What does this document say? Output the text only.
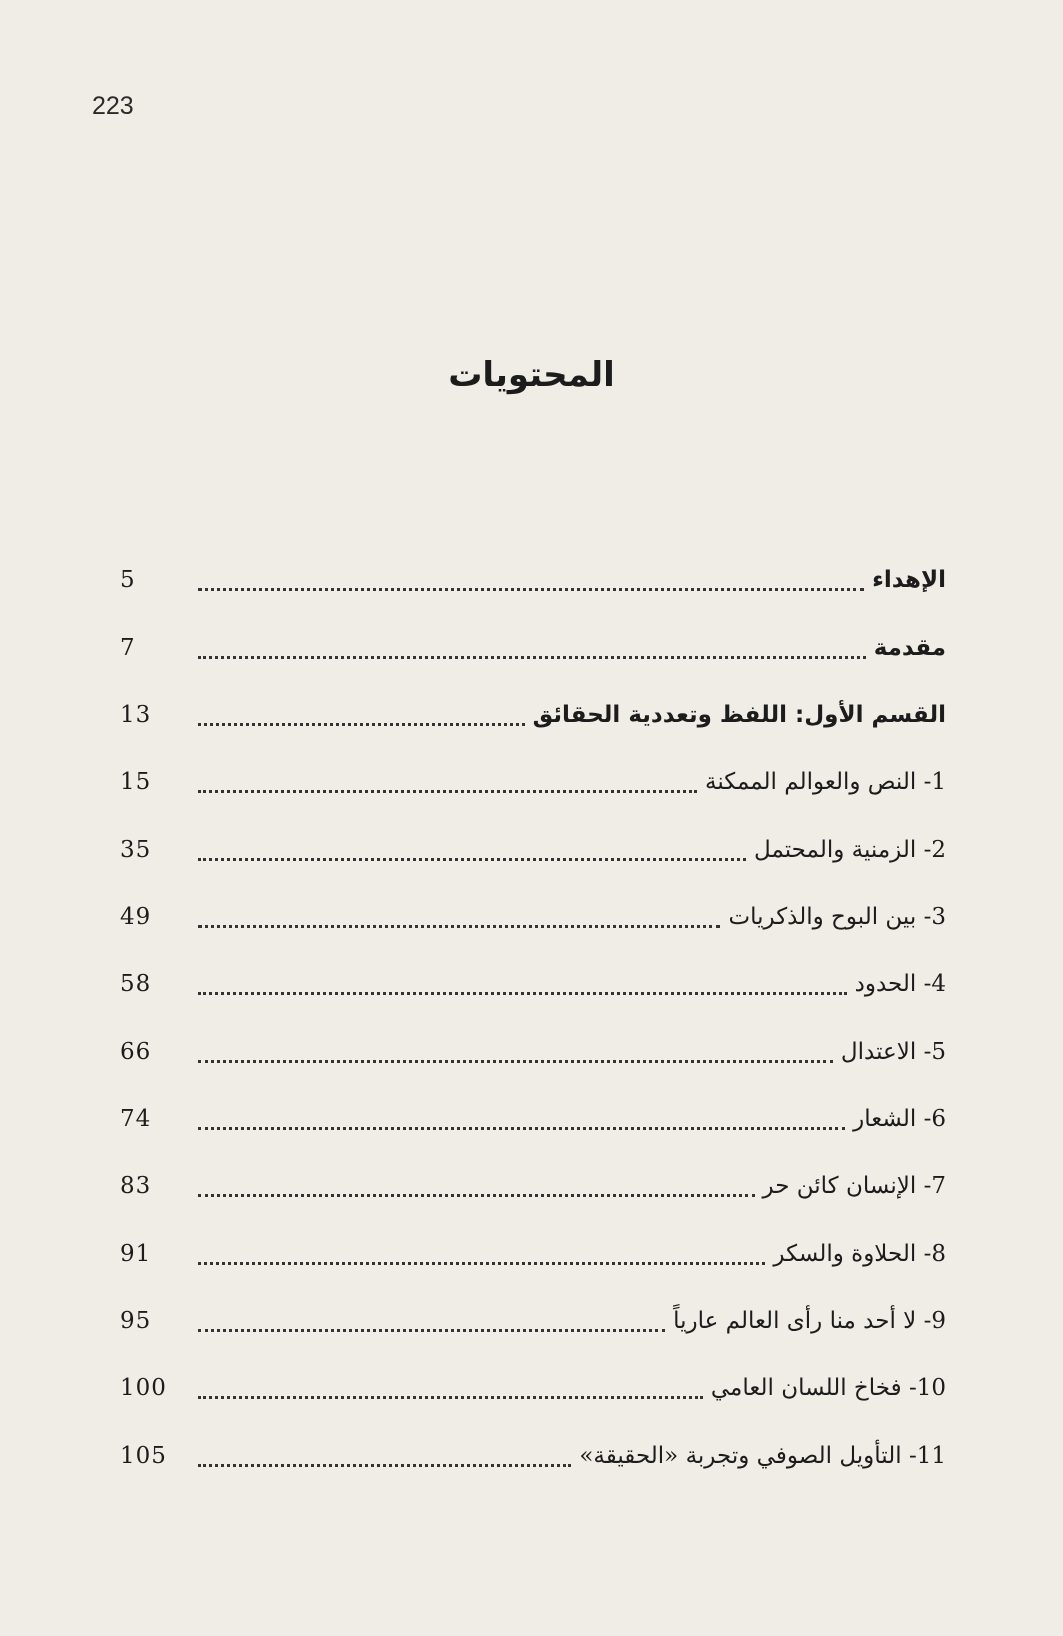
223
المحتويات
الإهداء
5
مقدمة
7
القسم الأول: اللفظ وتعددية الحقائق
13
1- النص والعوالم الممكنة
15
2- الزمنية والمحتمل
35
3- بين البوح والذكريات
49
4- الحدود
58
5- الاعتدال
66
6- الشعار
74
7- الإنسان كائن حر
83
8- الحلاوة والسكر
91
9- لا أحد منا رأى العالم عارياً
95
10- فخاخ اللسان العامي
100
11- التأويل الصوفي وتجربة «الحقيقة»
105
